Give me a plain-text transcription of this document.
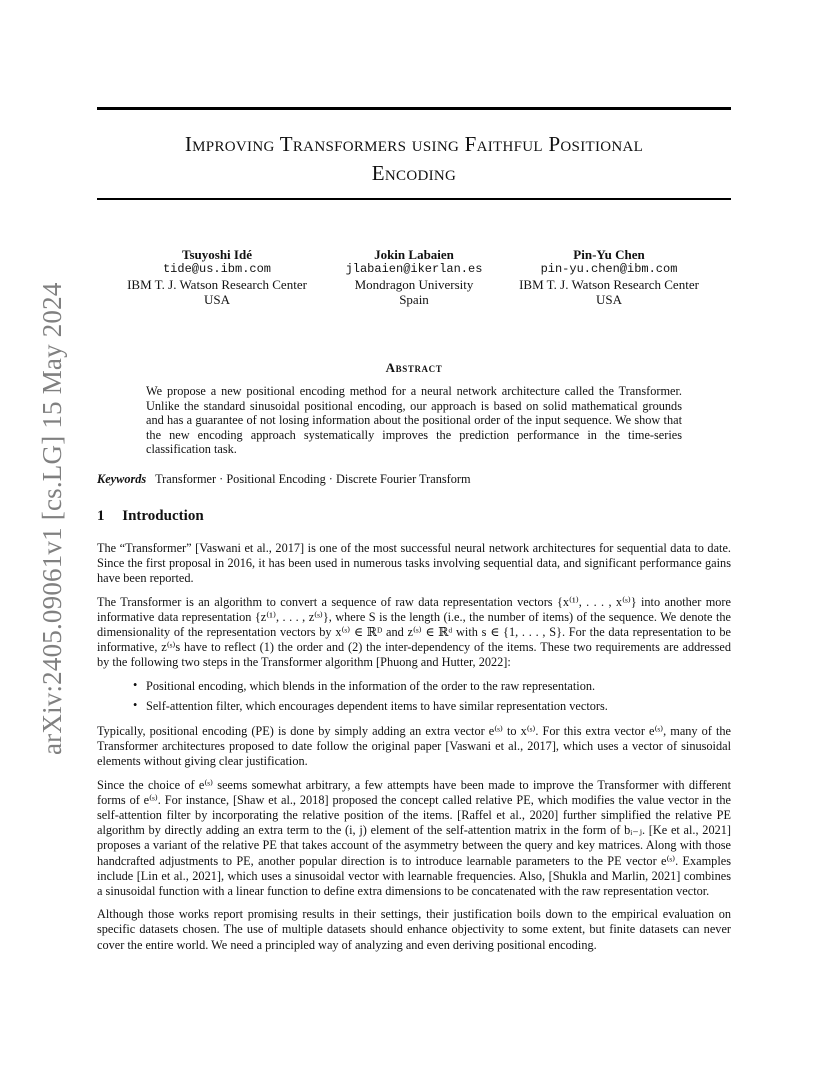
arXiv:2405.09061v1 [cs.LG] 15 May 2024
Improving Transformers using Faithful Positional
Encoding
Tsuyoshi Idé
tide@us.ibm.com
IBM T. J. Watson Research Center
USA
Jokin Labaien
jlabaien@ikerlan.es
Mondragon University
Spain
Pin-Yu Chen
pin-yu.chen@ibm.com
IBM T. J. Watson Research Center
USA
Abstract
We propose a new positional encoding method for a neural network architecture called the Transformer. Unlike the standard sinusoidal positional encoding, our approach is based on solid mathematical grounds and has a guarantee of not losing information about the positional order of the input sequence. We show that the new encoding approach systematically improves the prediction performance in the time-series classification task.
Keywords Transformer · Positional Encoding · Discrete Fourier Transform
1 Introduction

The “Transformer” [Vaswani et al., 2017] is one of the most successful neural network architectures for sequential data to date. Since the first proposal in 2016, it has been used in numerous tasks involving sequential data, and significant performance gains have been reported.

The Transformer is an algorithm to convert a sequence of raw data representation vectors {x⁽¹⁾, . . . , x⁽ˢ⁾} into another more informative data representation {z⁽¹⁾, . . . , z⁽ˢ⁾}, where S is the length (i.e., the number of items) of the sequence. We denote the dimensionality of the representation vectors by x⁽ˢ⁾ ∈ ℝᴰ and z⁽ˢ⁾ ∈ ℝᵈ with s ∈ {1, . . . , S}. For the data representation to be informative, z⁽ˢ⁾s have to reflect (1) the order and (2) the inter-dependency of the items. These two requirements are addressed by the following two steps in the Transformer algorithm [Phuong and Hutter, 2022]:

• Positional encoding, which blends in the information of the order to the raw representation.
• Self-attention filter, which encourages dependent items to have similar representation vectors.

Typically, positional encoding (PE) is done by simply adding an extra vector e⁽ˢ⁾ to x⁽ˢ⁾. For this extra vector e⁽ˢ⁾, many of the Transformer architectures proposed to date follow the original paper [Vaswani et al., 2017], which uses a vector of sinusoidal elements without giving clear justification.

Since the choice of e⁽ˢ⁾ seems somewhat arbitrary, a few attempts have been made to improve the Transformer with different forms of e⁽ˢ⁾. For instance, [Shaw et al., 2018] proposed the concept called relative PE, which modifies the value vector in the self-attention filter by incorporating the relative position of the items. [Raffel et al., 2020] further simplified the relative PE algorithm by directly adding an extra term to the (i, j) element of the self-attention matrix in the form of bᵢ₋ⱼ. [Ke et al., 2021] proposes a variant of the relative PE that takes account of the asymmetry between the query and key matrices. Along with those handcrafted adjustments to PE, another popular direction is to introduce learnable parameters to the PE vector e⁽ˢ⁾. Examples include [Lin et al., 2021], which uses a sinusoidal vector with learnable frequencies. Also, [Shukla and Marlin, 2021] combines a sinusoidal function with a linear function to define extra dimensions to be concatenated with the raw representation vector.

Although those works report promising results in their settings, their justification boils down to the empirical evaluation on specific datasets chosen. The use of multiple datasets should enhance objectivity to some extent, but finite datasets can never cover the entire world. We need a principled way of analyzing and even deriving positional encoding.
